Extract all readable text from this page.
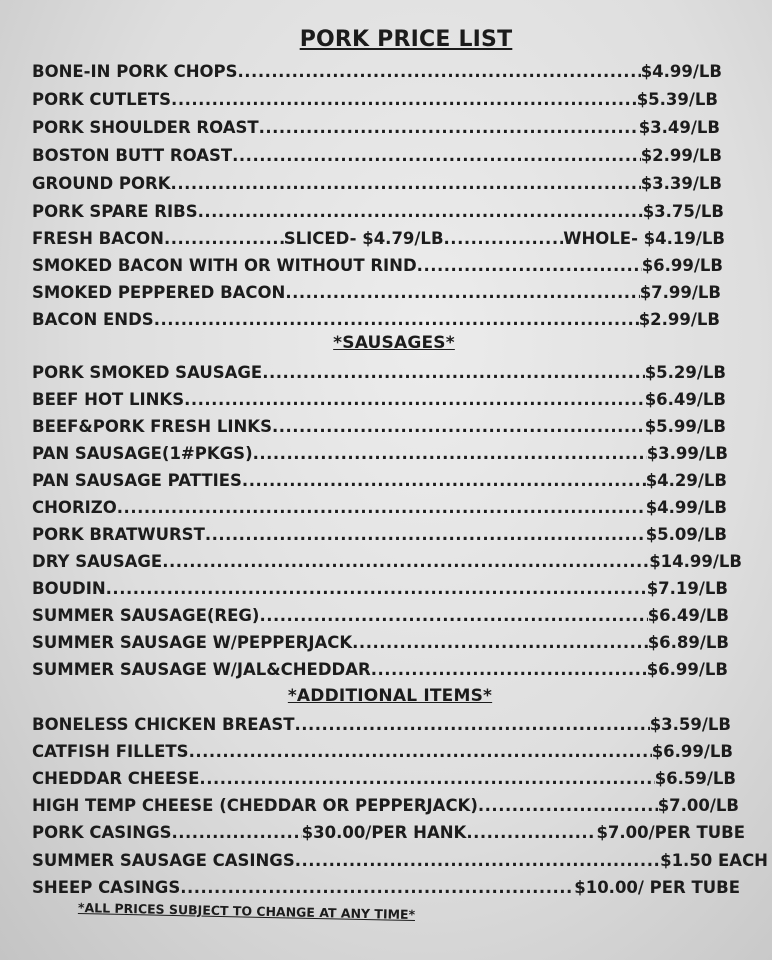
PORK PRICE LIST
BONE-IN PORK CHOPS .....	$4.99/LB
PORK CUTLETS .....	$5.39/LB
PORK SHOULDER ROAST .....	$3.49/LB
BOSTON BUTT ROAST .....	$2.99/LB
GROUND PORK .....	$3.39/LB
PORK SPARE RIBS .....	$3.75/LB
FRESH BACON .....	SLICED- $4.79/LB .....	WHOLE- $4.19/LB
SMOKED BACON WITH OR WITHOUT RIND .....	$6.99/LB
SMOKED PEPPERED BACON .....	$7.99/LB
BACON ENDS .....	$2.99/LB
*SAUSAGES*
PORK SMOKED SAUSAGE .....	$5.29/LB
BEEF HOT LINKS .....	$6.49/LB
BEEF&PORK FRESH LINKS .....	$5.99/LB
PAN SAUSAGE(1#PKGS) .....	$3.99/LB
PAN SAUSAGE PATTIES .....	$4.29/LB
CHORIZO .....	$4.99/LB
PORK BRATWURST .....	$5.09/LB
DRY SAUSAGE .....	$14.99/LB
BOUDIN .....	$7.19/LB
SUMMER SAUSAGE(REG) .....	$6.49/LB
SUMMER SAUSAGE W/PEPPERJACK .....	$6.89/LB
SUMMER SAUSAGE W/JAL&CHEDDAR .....	$6.99/LB
*ADDITIONAL ITEMS*
BONELESS CHICKEN BREAST .....	$3.59/LB
CATFISH FILLETS .....	$6.99/LB
CHEDDAR CHEESE .....	$6.59/LB
HIGH TEMP CHEESE (CHEDDAR OR PEPPERJACK) .....	$7.00/LB
PORK CASINGS .....	$30.00/PER HANK .....	$7.00/PER TUBE
SUMMER SAUSAGE CASINGS .....	$1.50 EACH
SHEEP CASINGS .....	$10.00/ PER TUBE
*ALL PRICES SUBJECT TO CHANGE AT ANY TIME*
